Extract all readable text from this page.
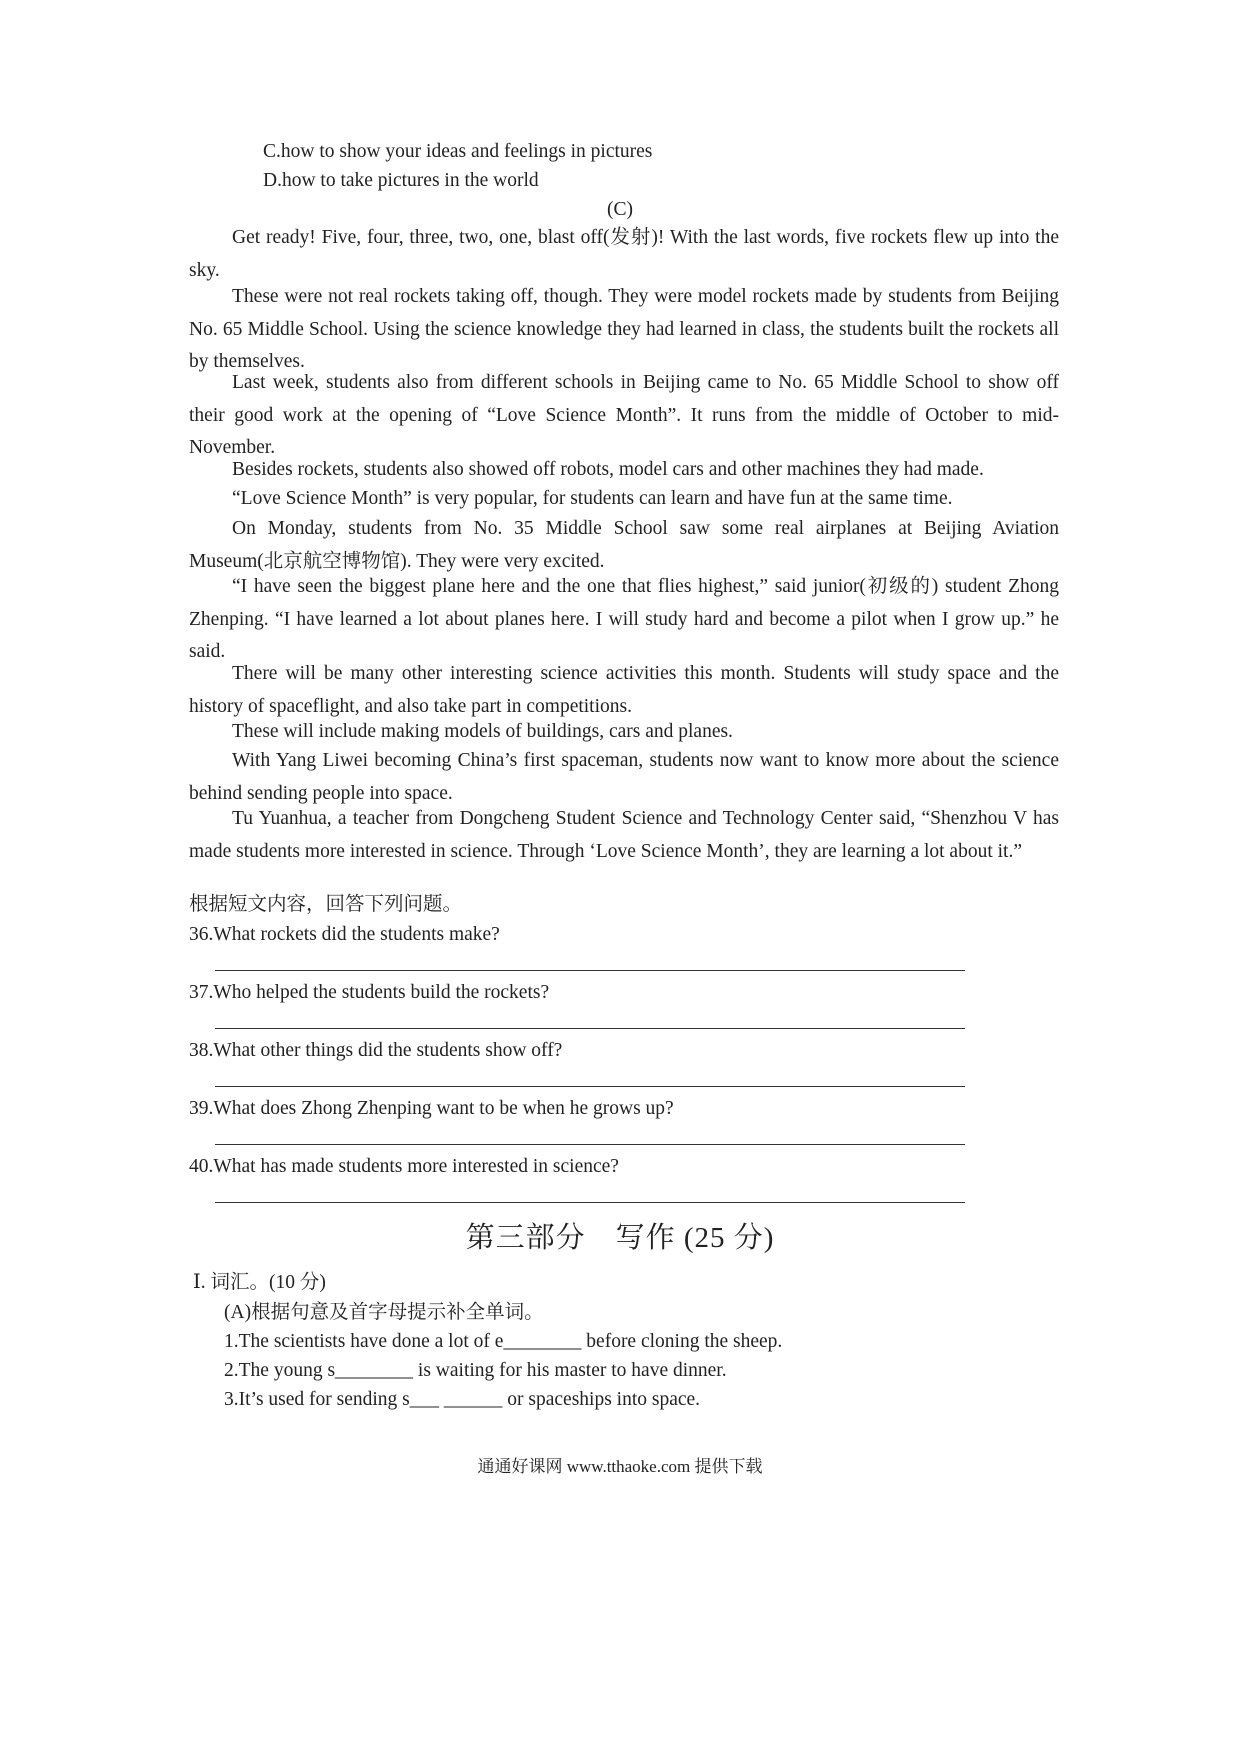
C.how to show your ideas and feelings in pictures
D.how to take pictures in the world
(C)
Get ready! Five, four, three, two, one, blast off(发射)! With the last words, five rockets flew up into the sky.
These were not real rockets taking off, though. They were model rockets made by students from Beijing No. 65 Middle School. Using the science knowledge they had learned in class, the students built the rockets all by themselves.
Last week, students also from different schools in Beijing came to No. 65 Middle School to show off their good work at the opening of “Love Science Month”. It runs from the middle of October to mid-November.
Besides rockets, students also showed off robots, model cars and other machines they had made.
“Love Science Month” is very popular, for students can learn and have fun at the same time.
On Monday, students from No. 35 Middle School saw some real airplanes at Beijing Aviation Museum(北京航空博物馆). They were very excited.
“I have seen the biggest plane here and the one that flies highest,” said junior(初级的) student Zhong Zhenping. “I have learned a lot about planes here. I will study hard and become a pilot when I grow up.” he said.
There will be many other interesting science activities this month. Students will study space and the history of spaceflight, and also take part in competitions.
These will include making models of buildings, cars and planes.
With Yang Liwei becoming China’s first spaceman, students now want to know more about the science behind sending people into space.
Tu Yuanhua, a teacher from Dongcheng Student Science and Technology Center said, “Shenzhou V has made students more interested in science. Through ‘Love Science Month’, they are learning a lot about it.”
根据短文内容，回答下列问题。
36.What rockets did the students make?
37.Who helped the students build the rockets?
38.What other things did the students show off?
39.What does Zhong Zhenping want to be when he grows up?
40.What has made students more interested in science?
第三部分　写作 (25 分)
Ⅰ. 词汇。(10 分)
(A)根据句意及首字母提示补全单词。
1.The scientists have done a lot of e________ before cloning the sheep.
2.The young s________ is waiting for his master to have dinner.
3.It’s used for sending s___ ______ or spaceships into space.
通通好课网 www.tthaoke.com 提供下载
